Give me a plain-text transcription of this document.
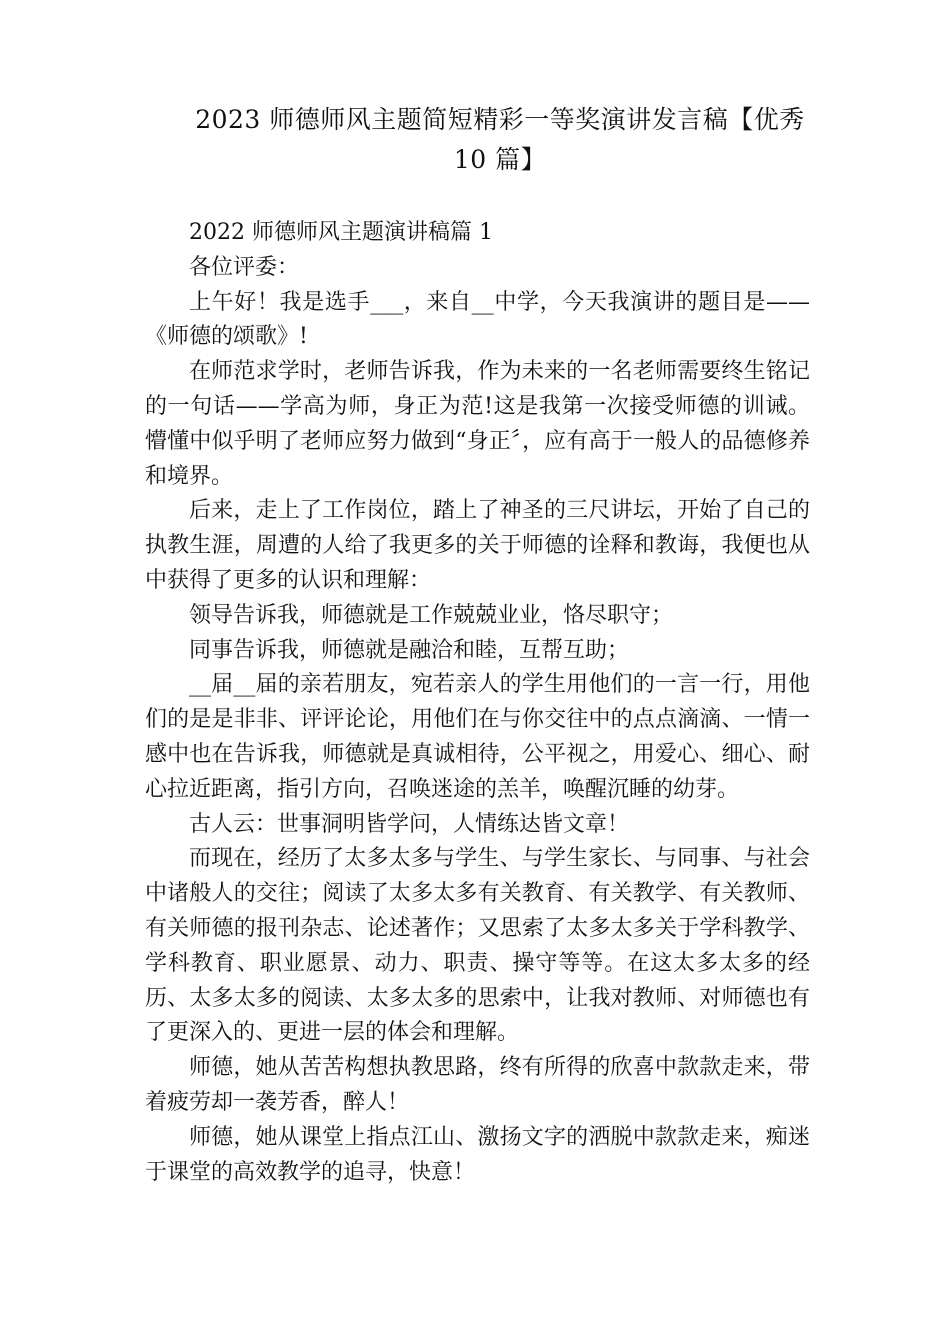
2023 师德师风主题简短精彩一等奖演讲发言稿【优秀10 篇】

2022 师德师风主题演讲稿篇 1

各位评委：

上午好！我是选手___，来自__中学，今天我演讲的题目是——《师德的颂歌》!

在师范求学时，老师告诉我，作为未来的一名老师需要终生铭记的一句话——学高为师，身正为范!这是我第一次接受师德的训诫。懵懂中似乎明了老师应努力做到“身正〞，应有高于一般人的品德修养和境界。

后来，走上了工作岗位，踏上了神圣的三尺讲坛，开始了自己的执教生涯，周遭的人给了我更多的关于师德的诠释和教诲，我便也从中获得了更多的认识和理解：

领导告诉我，师德就是工作兢兢业业，恪尽职守；

同事告诉我，师德就是融洽和睦，互帮互助；

__届__届的亲若朋友，宛若亲人的学生用他们的一言一行，用他们的是是非非、评评论论，用他们在与你交往中的点点滴滴、一情一感中也在告诉我，师德就是真诚相待，公平视之，用爱心、细心、耐心拉近距离，指引方向，召唤迷途的羔羊，唤醒沉睡的幼芽。

古人云：世事洞明皆学问，人情练达皆文章！

而现在，经历了太多太多与学生、与学生家长、与同事、与社会中诸般人的交往；阅读了太多太多有关教育、有关教学、有关教师、有关师德的报刊杂志、论述著作；又思索了太多太多关于学科教学、学科教育、职业愿景、动力、职责、操守等等。在这太多太多的经历、太多太多的阅读、太多太多的思索中，让我对教师、对师德也有了更深入的、更进一层的体会和理解。

师德，她从苦苦构想执教思路，终有所得的欣喜中款款走来，带着疲劳却一袭芳香，醉人！

师德，她从课堂上指点江山、激扬文字的洒脱中款款走来，痴迷于课堂的高效教学的追寻，快意！
